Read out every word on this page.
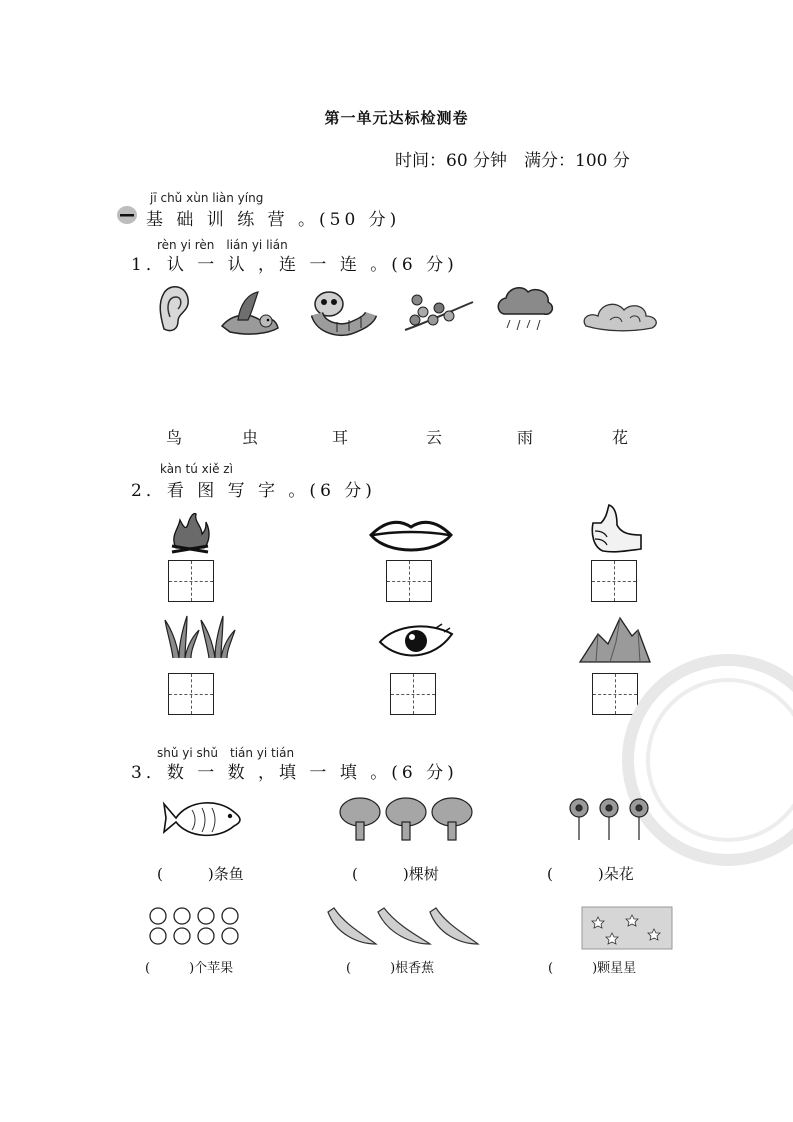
第一单元达标检测卷
时间：60 分钟　满分：100 分
jī chǔ xùn liàn yíng
基 础 训 练 营 。(50 分)
rèn yi rèn　lián yi lián
1．认 一 认 ，连 一 连 。(6 分)
鸟	虫	耳	云	雨	花
kàn tú xiě zì
2．看 图 写 字 。(6 分)
shǔ yi shǔ　tián yi tián
3．数 一 数 ，填 一 填 。(6 分)
(　　　)条鱼	(　　　)棵树	(　　　)朵花
(　　　)个苹果	(　　　)根香蕉	(　　　)颗星星
